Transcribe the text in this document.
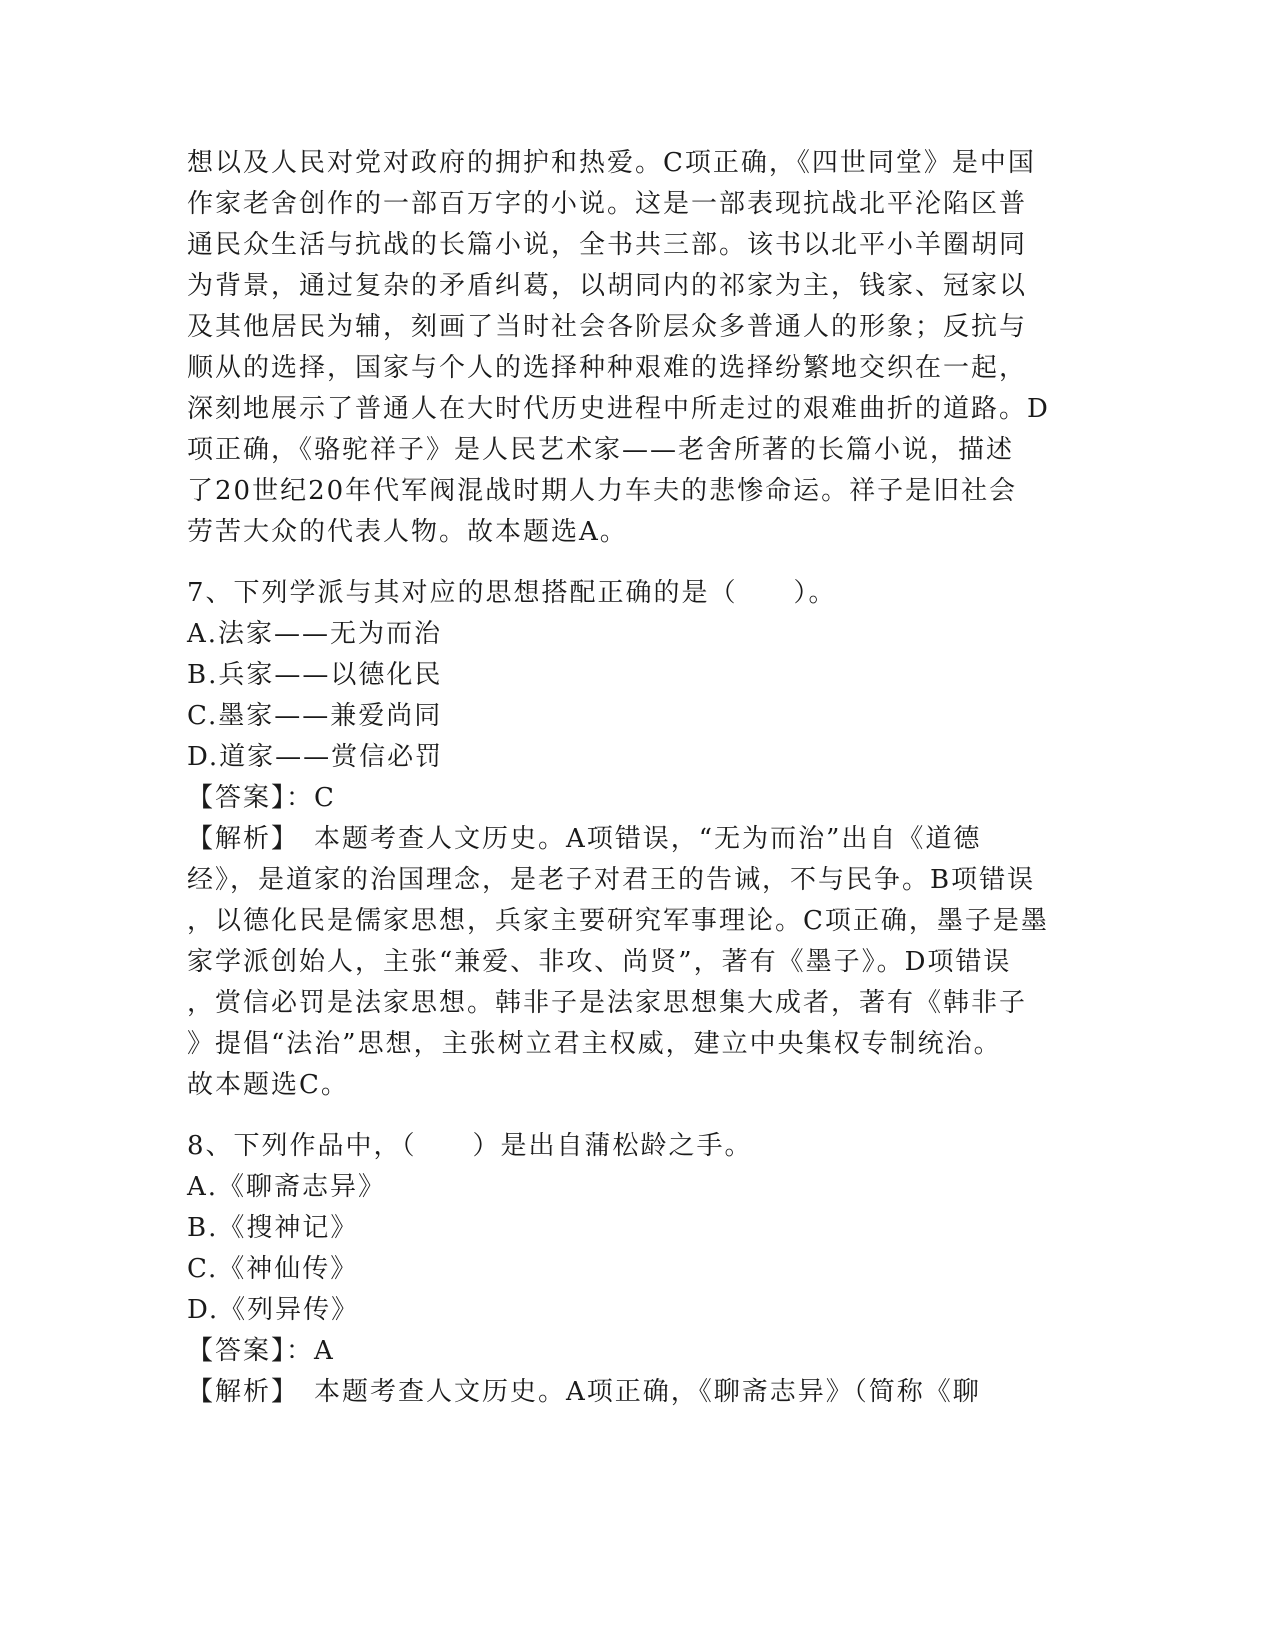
想以及人民对党对政府的拥护和热爱。C项正确，《四世同堂》是中国
作家老舍创作的一部百万字的小说。这是一部表现抗战北平沦陷区普
通民众生活与抗战的长篇小说，全书共三部。该书以北平小羊圈胡同
为背景，通过复杂的矛盾纠葛，以胡同内的祁家为主，钱家、冠家以
及其他居民为辅，刻画了当时社会各阶层众多普通人的形象；反抗与
顺从的选择，国家与个人的选择种种艰难的选择纷繁地交织在一起，
深刻地展示了普通人在大时代历史进程中所走过的艰难曲折的道路。D
项正确，《骆驼祥子》是人民艺术家——老舍所著的长篇小说，描述
了20世纪20年代军阀混战时期人力车夫的悲惨命运。祥子是旧社会
劳苦大众的代表人物。故本题选A。
7、下列学派与其对应的思想搭配正确的是（　　）。
A.法家——无为而治
B.兵家——以德化民
C.墨家——兼爱尚同
D.道家——赏信必罚
【答案】：C
【解析】　本题考查人文历史。A项错误，“无为而治”出自《道德
经》，是道家的治国理念，是老子对君王的告诫，不与民争。B项错误
，以德化民是儒家思想，兵家主要研究军事理论。C项正确，墨子是墨
家学派创始人，主张“兼爱、非攻、尚贤”，著有《墨子》。D项错误
，赏信必罚是法家思想。韩非子是法家思想集大成者，著有《韩非子
》提倡“法治”思想，主张树立君主权威，建立中央集权专制统治。
故本题选C。
8、下列作品中，（　　）是出自蒲松龄之手。
A.《聊斋志异》
B.《搜神记》
C.《神仙传》
D.《列异传》
【答案】：A
【解析】　本题考查人文历史。A项正确，《聊斋志异》（简称《聊
